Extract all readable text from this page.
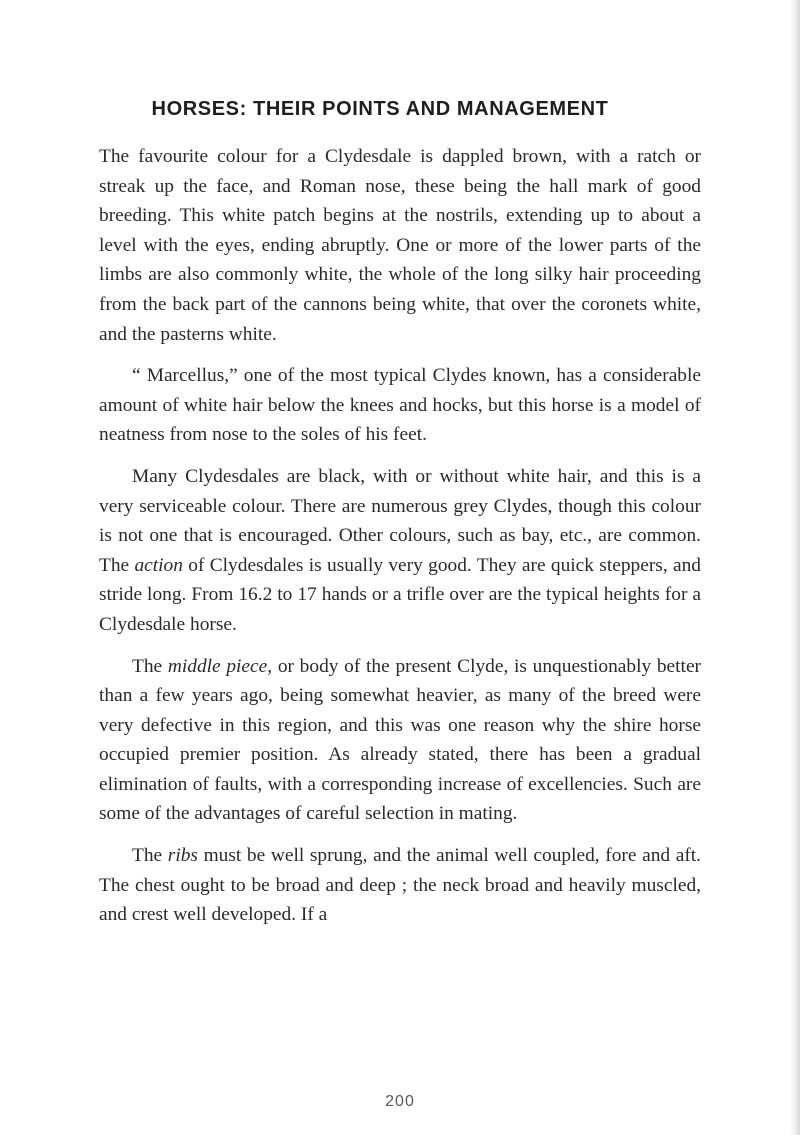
HORSES: THEIR POINTS AND MANAGEMENT

The favourite colour for a Clydesdale is dappled brown, with a ratch or streak up the face, and Roman nose, these being the hall mark of good breeding. This white patch begins at the nostrils, extending up to about a level with the eyes, ending abruptly. One or more of the lower parts of the limbs are also commonly white, the whole of the long silky hair proceeding from the back part of the cannons being white, that over the coronets white, and the pasterns white.

“ Marcellus,” one of the most typical Clydes known, has a considerable amount of white hair below the knees and hocks, but this horse is a model of neatness from nose to the soles of his feet.

Many Clydesdales are black, with or without white hair, and this is a very serviceable colour. There are numerous grey Clydes, though this colour is not one that is encouraged. Other colours, such as bay, etc., are common. The action of Clydesdales is usually very good. They are quick steppers, and stride long. From 16.2 to 17 hands or a trifle over are the typical heights for a Clydesdale horse.

The middle piece, or body of the present Clyde, is unquestionably better than a few years ago, being somewhat heavier, as many of the breed were very defective in this region, and this was one reason why the shire horse occupied premier position. As already stated, there has been a gradual elimination of faults, with a corresponding increase of excellencies. Such are some of the advantages of careful selection in mating.

The ribs must be well sprung, and the animal well coupled, fore and aft. The chest ought to be broad and deep ; the neck broad and heavily muscled, and crest well developed. If a

200
